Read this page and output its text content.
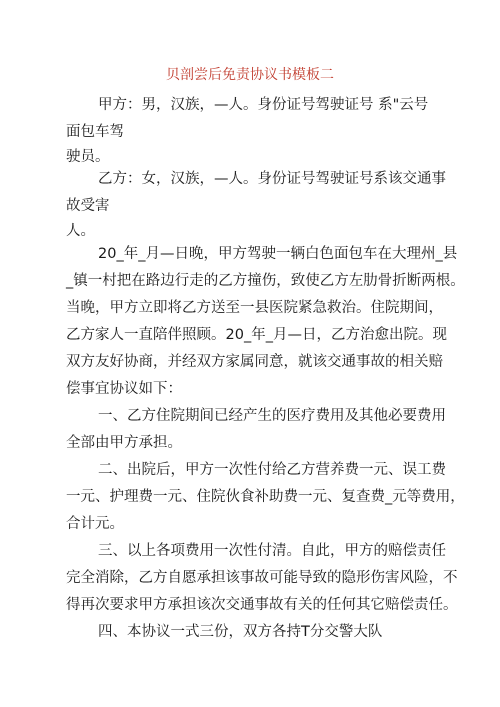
贝剖尝后免责协议书模板二
甲方：男，汉族，—人。身份证号驾驶证号 系"云号
面包车驾
驶员。
乙方：女，汉族，—人。身份证号驾驶证号系该交通事
故受害
人。
20_年_月—日晚，甲方驾驶一辆白色面包车在大理州_县
_镇一村把在路边行走的乙方撞伤，致使乙方左肋骨折断两根。
当晚，甲方立即将乙方送至一县医院紧急救治。住院期间，
乙方家人一直陪伴照顾。20_年_月—日，乙方治愈出院。现
双方友好协商，并经双方家属同意，就该交通事故的相关赔
偿事宜协议如下：
一、乙方住院期间已经产生的医疗费用及其他必要费用
全部由甲方承担。
二、出院后，甲方一次性付给乙方营养费一元、误工费
一元、护理费一元、住院伙食补助费一元、复查费_元等费用，
合计元。
三、以上各项费用一次性付清。自此，甲方的赔偿责任
完全消除，乙方自愿承担该事故可能导致的隐形伤害风险，不
得再次要求甲方承担该次交通事故有关的任何其它赔偿责任。
四、本协议一式三份，双方各持T分交警大队
